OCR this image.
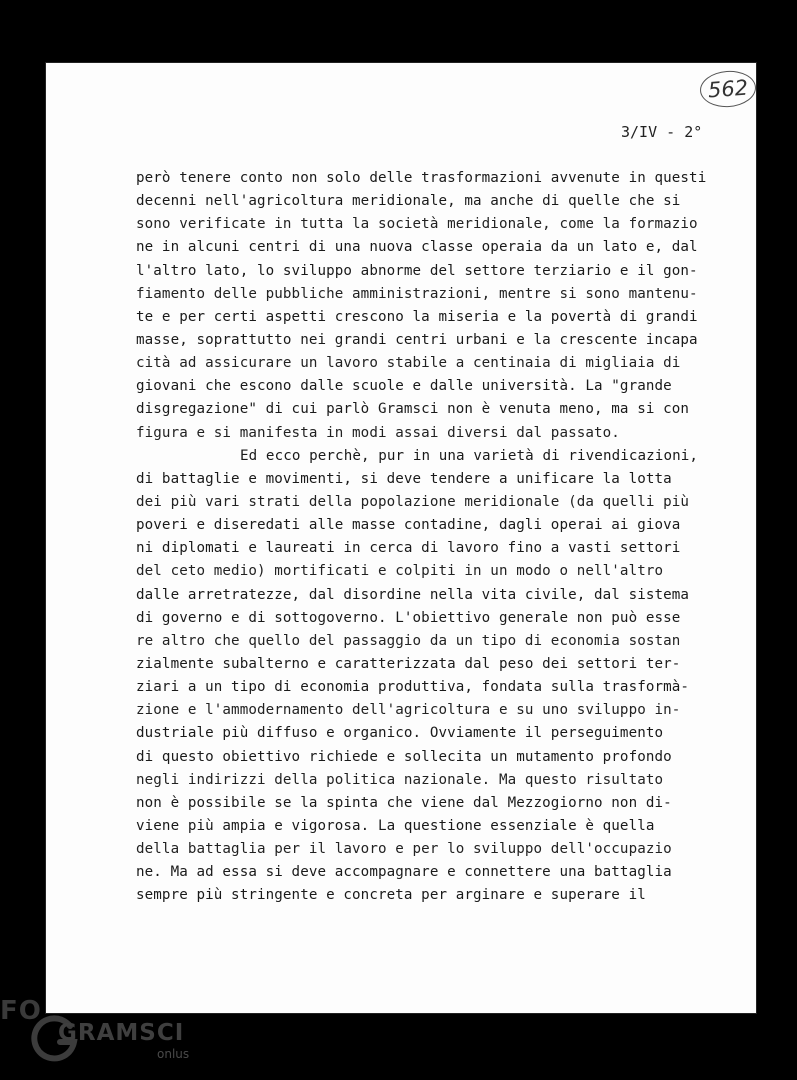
562
3/IV - 2°
però tenere conto non solo delle trasformazioni avvenute in questi
decenni nell'agricoltura meridionale, ma anche di quelle che si
sono verificate in tutta la società meridionale, come la formazio
ne in alcuni centri di una nuova classe operaia da un lato e, dal
l'altro lato, lo sviluppo abnorme del settore terziario e il gon-
fiamento delle pubbliche amministrazioni, mentre si sono mantenu-
te e per certi aspetti crescono la miseria e la povertà di grandi
masse, soprattutto nei grandi centri urbani e la crescente incapa
cità ad assicurare un lavoro stabile a centinaia di migliaia di
giovani che escono dalle scuole e dalle università. La "grande
disgregazione" di cui parlò Gramsci non è venuta meno, ma si con
figura e si manifesta in modi assai diversi dal passato.
Ed ecco perchè, pur in una varietà di rivendicazioni,
di battaglie e movimenti, si deve tendere a unificare la lotta
dei più vari strati della popolazione meridionale (da quelli più
poveri e diseredati alle masse contadine, dagli operai ai giova
ni diplomati e laureati in cerca di lavoro fino a vasti settori
del ceto medio) mortificati e colpiti in un modo o nell'altro
dalle arretratezze, dal disordine nella vita civile, dal sistema
di governo e di sottogoverno. L'obiettivo generale non può esse
re altro che quello del passaggio da un tipo di economia sostan
zialmente subalterno e caratterizzata dal peso dei settori ter-
ziari a un tipo di economia produttiva, fondata sulla trasformà-
zione e l'ammodernamento dell'agricoltura e su uno sviluppo in-
dustriale più diffuso e organico. Ovviamente il perseguimento
di questo obiettivo richiede e sollecita un mutamento profondo
negli indirizzi della politica nazionale. Ma questo risultato
non è possibile se la spinta che viene dal Mezzogiorno non di-
viene più ampia e vigorosa. La questione essenziale è quella
della battaglia per il lavoro e per lo sviluppo dell'occupazio
ne. Ma ad essa si deve accompagnare e connettere una battaglia
sempre più stringente e concreta per arginare e superare il
FO
GRAMSCI
onlus
